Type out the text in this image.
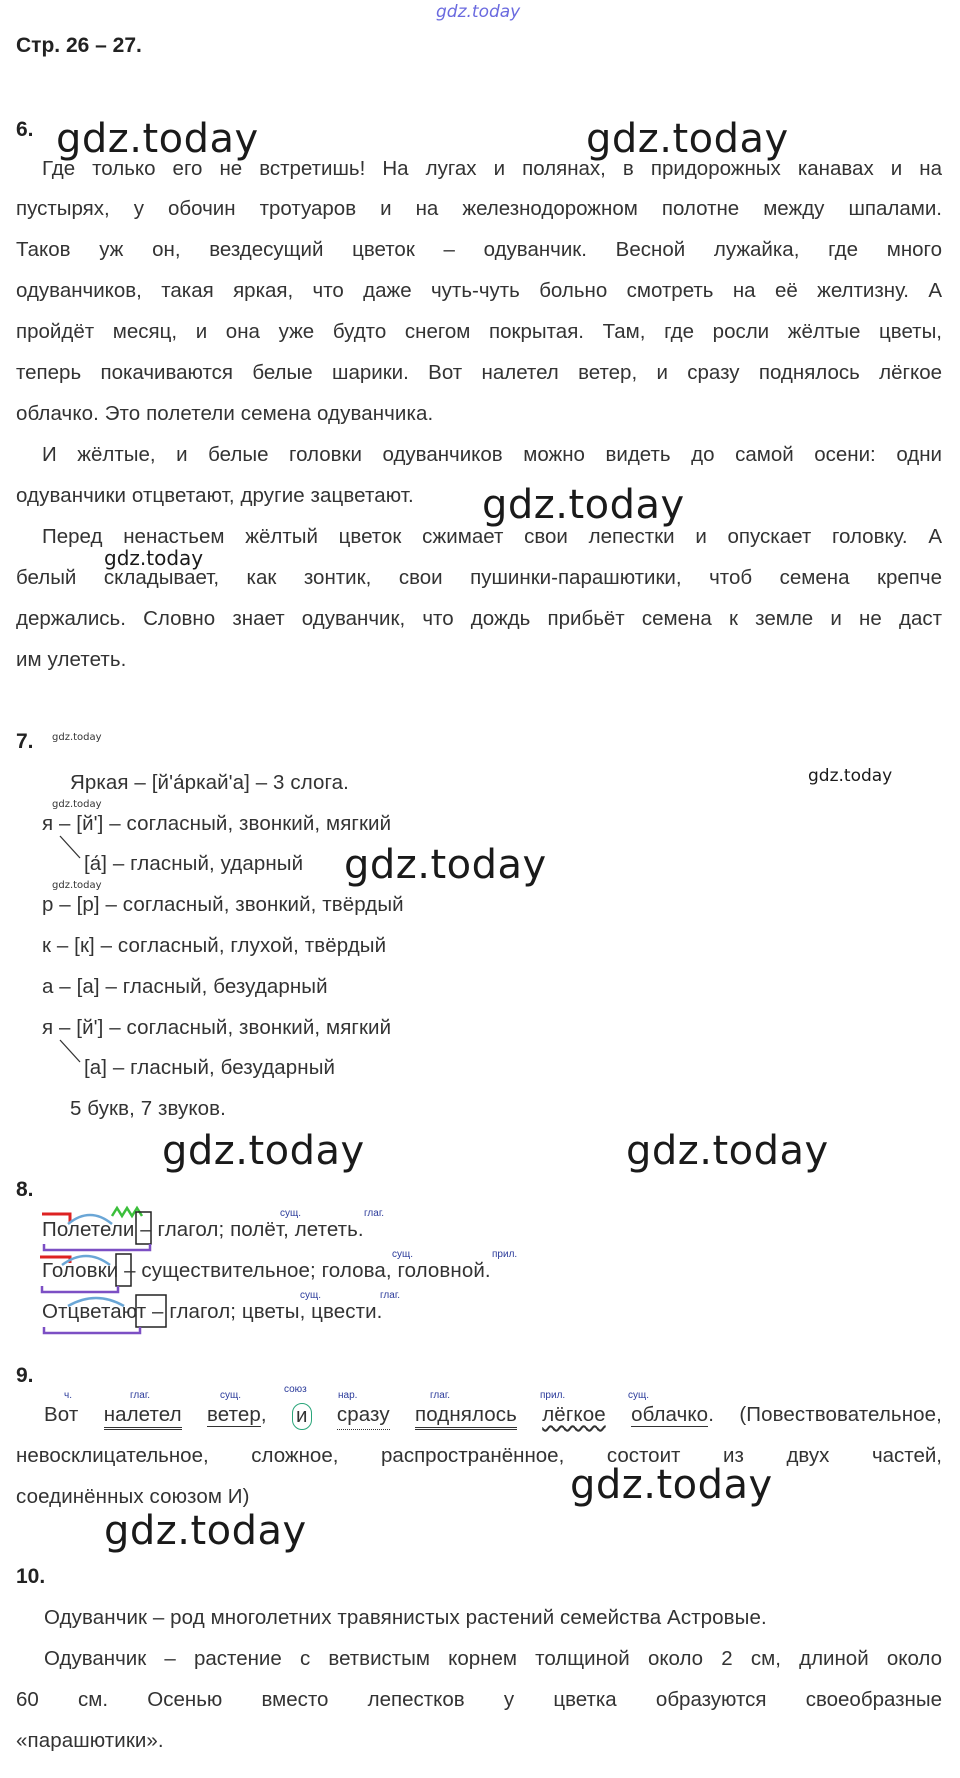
gdz.today
Стр. 26 – 27.
6.
Где только его не встретишь! На лугах и полянах, в придорожных канавах и на
пустырях, у обочин тротуаров и на железнодорожном полотне между шпалами.
Таков уж он, вездесущий цветок – одуванчик. Весной лужайка, где много
одуванчиков, такая яркая, что даже чуть-чуть больно смотреть на её желтизну. А
пройдёт месяц, и она уже будто снегом покрытая. Там, где росли жёлтые цветы,
теперь покачиваются белые шарики. Вот налетел ветер, и сразу поднялось лёгкое
облачко. Это полетели семена одуванчика.
И жёлтые, и белые головки одуванчиков можно видеть до самой осени: одни
одуванчики отцветают, другие зацветают.
Перед ненастьем жёлтый цветок сжимает свои лепестки и опускает головку. А
белый складывает, как зонтик, свои пушинки-парашютики, чтоб семена крепче
держались. Словно знает одуванчик, что дождь прибьёт семена к земле и не даст
им улететь.
7.
Яркая – [й'а́ркай'а] – 3 слога.
я – [й'] – согласный, звонкий, мягкий
[а́] – гласный, ударный
р – [р] – согласный, звонкий, твёрдый
к – [к] – согласный, глухой, твёрдый
а – [а] – гласный, безударный
я – [й'] – согласный, звонкий, мягкий
[а] – гласный, безударный
5 букв, 7 звуков.
8.
Полетели – глагол; полёт, лететь.
сущ.	глаг.
Головки – существительное; голова, головной.
сущ.	прил.
Отцветают – глагол; цветы, цвести.
сущ.	глаг.
9.
ч.	глаг.	сущ.
союз
нар.	глаг.	прил.	сущ.
Вот налетел ветер, и сразу поднялось лёгкое облачко. (Повествовательное,
невосклицательное, сложное, распространённое, состоит из двух частей,
соединённых союзом И)
10.
Одуванчик – род многолетних травянистых растений семейства Астровые.
Одуванчик – растение с ветвистым корнем толщиной около 2 см, длиной около
60 см. Осенью вместо лепестков у цветка образуются своеобразные
«парашютики».
gdz.today	gdz.today
gdz.today
gdz.today
gdz.today
gdz.today
gdz.today
gdz.today	gdz.today
gdz.today	gdz.today
gdz.today
gdz.today
